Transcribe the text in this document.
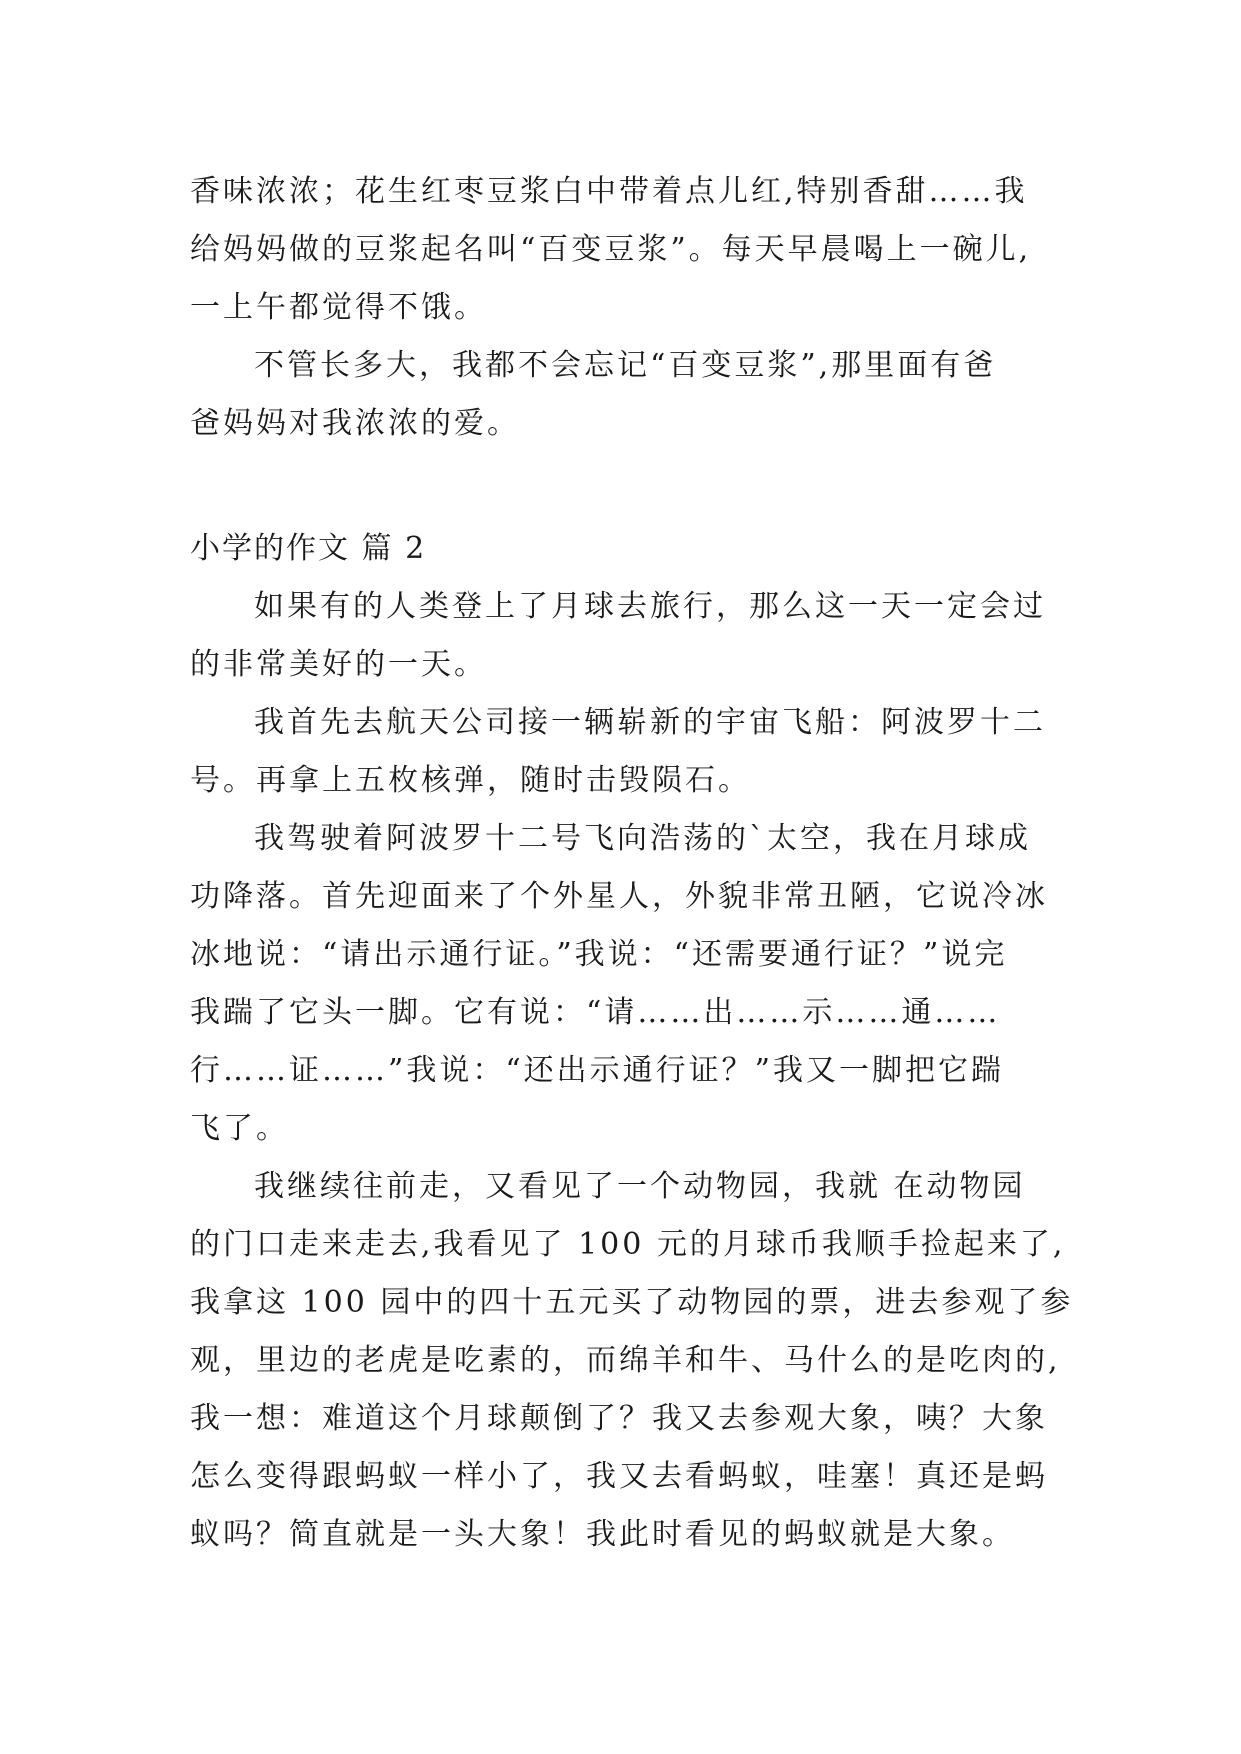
香味浓浓；花生红枣豆浆白中带着点儿红,特别香甜……我
给妈妈做的豆浆起名叫“百变豆浆”。每天早晨喝上一碗儿,
一上午都觉得不饿。
不管长多大，我都不会忘记“百变豆浆”,那里面有爸
爸妈妈对我浓浓的爱。
小学的作文 篇 2
如果有的人类登上了月球去旅行，那么这一天一定会过
的非常美好的一天。
我首先去航天公司接一辆崭新的宇宙飞船：阿波罗十二
号。再拿上五枚核弹，随时击毁陨石。
我驾驶着阿波罗十二号飞向浩荡的`太空，我在月球成
功降落。首先迎面来了个外星人，外貌非常丑陋，它说冷冰
冰地说：“请出示通行证。”我说：“还需要通行证？”说完
我踹了它头一脚。它有说：“请……出……示……通……
行……证……”我说：“还出示通行证？”我又一脚把它踹
飞了。
我继续往前走，又看见了一个动物园，我就 在动物园
的门口走来走去,我看见了 100 元的月球币我顺手捡起来了,
我拿这 100 园中的四十五元买了动物园的票，进去参观了参
观，里边的老虎是吃素的，而绵羊和牛、马什么的是吃肉的,
我一想：难道这个月球颠倒了？我又去参观大象，咦？大象
怎么变得跟蚂蚁一样小了，我又去看蚂蚁，哇塞！真还是蚂
蚁吗？简直就是一头大象！我此时看见的蚂蚁就是大象。
